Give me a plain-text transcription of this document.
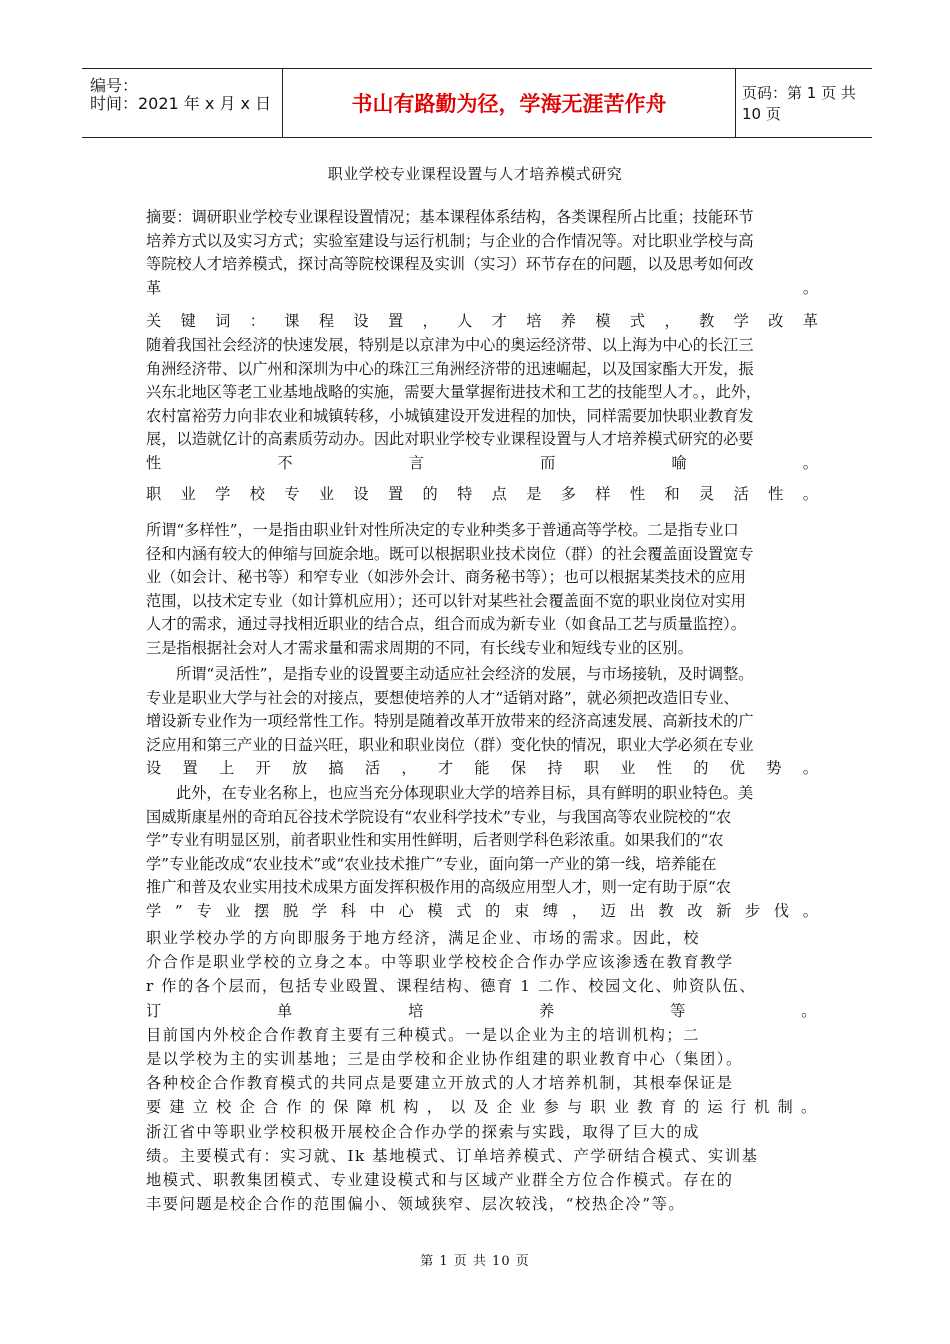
编号：
时间：2021 年 x 月 x 日	书山有路勤为径，学海无涯苦作舟	页码：第 1 页 共 10 页
职业学校专业课程设置与人才培养模式研究
摘要：调研职业学校专业课程设置情况；基本课程体系结构，各类课程所占比重；技能环节
培养方式以及实习方式；实验室建设与运行机制；与企业的合作情况等。对比职业学校与高
等院校人才培养模式，探讨高等院校课程及实训（实习）环节存在的问题，以及思考如何改
革	。
关 键 词 ： 课 程 设 置 ， 人 才 培 养 模 式 ， 教 学 改 革
随着我国社会经济的快速发展，特别是以京津为中心的奥运经济带、以上海为中心的长江三
角洲经济带、以广州和深圳为中心的珠江三角洲经济带的迅速崛起，以及国家酯大开发，振
兴东北地区等老工业基地战略的实施，需要大量掌握衔进技术和工艺的技能型人才。，此外，
农村富裕劳力向非农业和城镇转移，小城镇建设开发进程的加快，同样需要加快职业教育发
展，以造就亿计的高素质劳动办。因此对职业学校专业课程设置与人才培养模式研究的必要
性	不	言	而	喻	。
职 业 学 校 专 业 设 置 的 特 点 是 多 样 性 和 灵 活 性 。
所谓“多样性”，一是指由职业针对性所决定的专业种类多于普通高等学校。二是指专业口
径和内涵有较大的伸缩与回旋余地。既可以根据职业技术岗位（群）的社会覆盖面设置宽专
业（如会计、秘书等）和窄专业（如涉外会计、商务秘书等）；也可以根据某类技术的应用
范围，以技术定专业（如计算机应用）；还可以针对某些社会覆盖面不宽的职业岗位对实用
人才的需求，通过寻找相近职业的结合点，组合而成为新专业（如食品工艺与质量监控）。
三是指根据社会对人才需求量和需求周期的不同，有长线专业和短线专业的区别。
所谓“灵活性”，是指专业的设置要主动适应社会经济的发展，与市场接轨，及时调整。
专业是职业大学与社会的对接点，要想使培养的人才“适销对路”，就必须把改造旧专业、
增设新专业作为一项经常性工作。特别是随着改革开放带来的经济高速发展、高新技术的广
泛应用和第三产业的日益兴旺，职业和职业岗位（群）变化快的情况，职业大学必须在专业
设 置 上 开 放 搞 活 ， 才 能 保 持 职 业 性 的 优 势 。
此外，在专业名称上，也应当充分体现职业大学的培养目标，具有鲜明的职业特色。美
国威斯康星州的奇珀瓦谷技术学院设有“农业科学技术”专业，与我国高等农业院校的“农
学”专业有明显区别，前者职业性和实用性鲜明，后者则学科色彩浓重。如果我们的“农
学”专业能改成“农业技术”或“农业技术推广”专业，面向第一产业的第一线，培养能在
推广和普及农业实用技术成果方面发挥积极作用的高级应用型人才，则一定有助于原“农
学 ” 专 业 摆 脱 学 科 中 心 模 式 的 束 缚 ， 迈 出 教 改 新 步 伐 。
职业学校办学的方向即服务于地方经济，满足企业、市场的需求。因此，校
介合作是职业学校的立身之本。中等职业学校校企合作办学应该渗透在教育教学
r 作的各个层而，包括专业殴置、课程结构、德育 1 二作、校园文化、帅资队伍、
订	单	培	养	等	。
目前国内外校企合作教育主要有三种模式。一是以企业为主的培训机构；二
是以学校为主的实训基地；三是由学校和企业协作组建的职业教育中心（集团）。
各种校企合作教育模式的共同点是要建立开放式的人才培养机制，其根奉保证是
要 建 立 校 企 合 作 的 保 障 机 构 ， 以 及 企 业 参 与 职 业 教 育 的 运 行 机 制 。
浙江省中等职业学校积极开展校企合作办学的探索与实践，取得了巨大的成
绩。主要模式有：实习就、Ik 基地模式、订单培养模式、产学研结合模式、实训基
地模式、职教集团模式、专业建设模式和与区域产业群全方位合作模式。存在的
丰要问题是校企合作的范围偏小、领域狭窄、层次较浅，“校热企冷”等。
第 1 页 共 10 页
